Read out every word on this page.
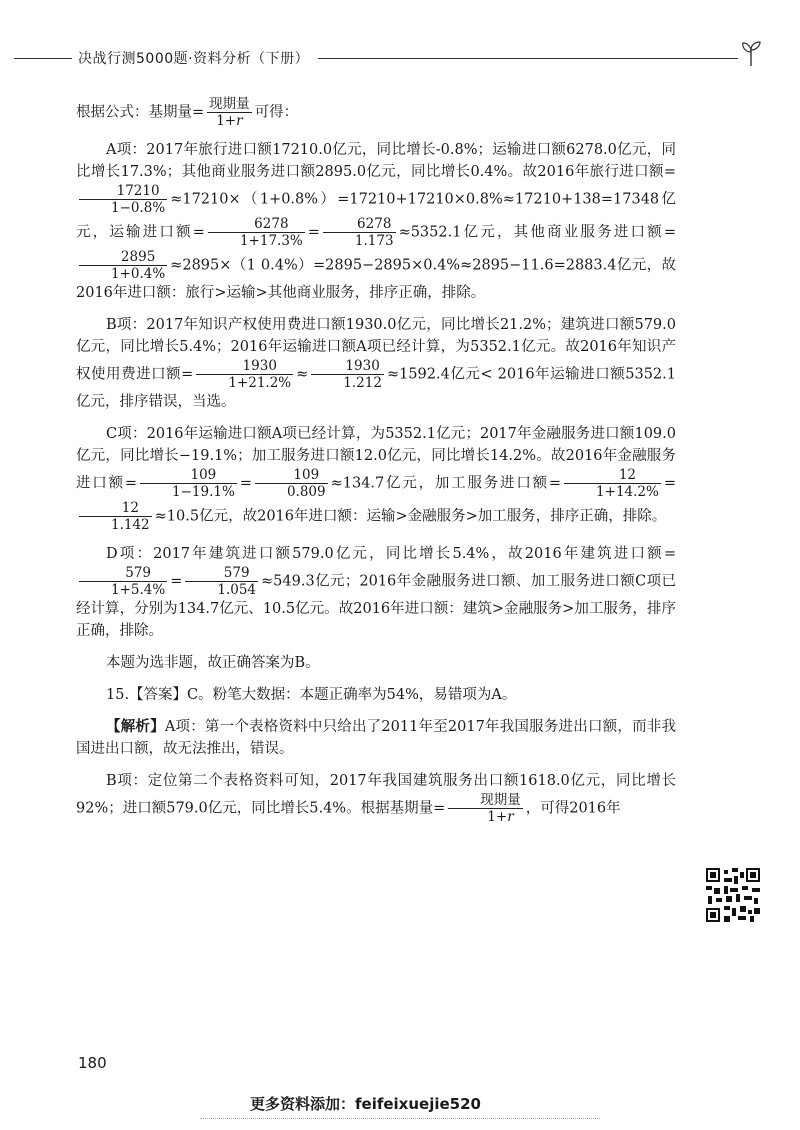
决战行测5000题·资料分析（下册）

根据公式：基期量= $\frac{\text{现期量}}{1+r}$ 可得：

A项：2017年旅行进口额17210.0亿元，同比增长-0.8%；运输进口额6278.0亿元，同比增长17.3%；其他商业服务进口额2895.0亿元，同比增长0.4%。故2016年旅行进口额=
$\frac{17210}{1-0.8\%} \approx 17210\times(1+0.8\%)=17210+17210\times 0.8\%\approx 17210+138=17348$亿元，运输进口额= $\frac{6278}{1+17.3\%} = \frac{6278}{1.173} \approx 5352.1$亿元，其他商业服务进口额=
$\frac{2895}{1+0.4\%} \approx 2895\times(1$ 0.4%）=2895−2895×0.4%≈2895−11.6=2883.4亿元，故2016年进口额：旅行>运输>其他商业服务，排序正确，排除。

B项：2017年知识产权使用费进口额1930.0亿元，同比增长21.2%；建筑进口额579.0亿元，同比增长5.4%；2016年运输进口额A项已经计算，为5352.1亿元。故2016年知识产权使用费进口额= $\frac{1930}{1+21.2\%} \approx \frac{1930}{1.212} \approx 1592.4$亿元< 2016年运输进口额5352.1亿元，排序错误，当选。

C项：2016年运输进口额A项已经计算，为5352.1亿元；2017年金融服务进口额109.0亿元，同比增长−19.1%；加工服务进口额12.0亿元，同比增长14.2%。故2016年金融服务进口额= $\frac{109}{1-19.1\%} = \frac{109}{0.809} \approx 134.7$亿元，加工服务进口额= $\frac{12}{1+14.2\%}$ =
$\frac{12}{1.142} \approx 10.5$亿元，故2016年进口额：运输>金融服务>加工服务，排序正确，排除。

D项：2017年建筑进口额579.0亿元，同比增长5.4%，故2016年建筑进口额=
$\frac{579}{1+5.4\%} = \frac{579}{1.054} \approx 549.3$亿元；2016年金融服务进口额、加工服务进口额C项已经计算，分别为134.7亿元、10.5亿元。故2016年进口额：建筑>金融服务>加工服务，排序正确，排除。

本题为选非题，故正确答案为B。

15.【答案】C。粉笔大数据：本题正确率为54%，易错项为A。

【解析】A项：第一个表格资料中只给出了2011年至2017年我国服务进出口额，而非我国进出口额，故无法推出，错误。

B项：定位第二个表格资料可知，2017年我国建筑服务出口额1618.0亿元，同比增长92%；进口额579.0亿元，同比增长5.4%。根据基期量= $\frac{\text{现期量}}{1+r}$ ，可得2016年

180
更多资料添加：feifeixuejie520
